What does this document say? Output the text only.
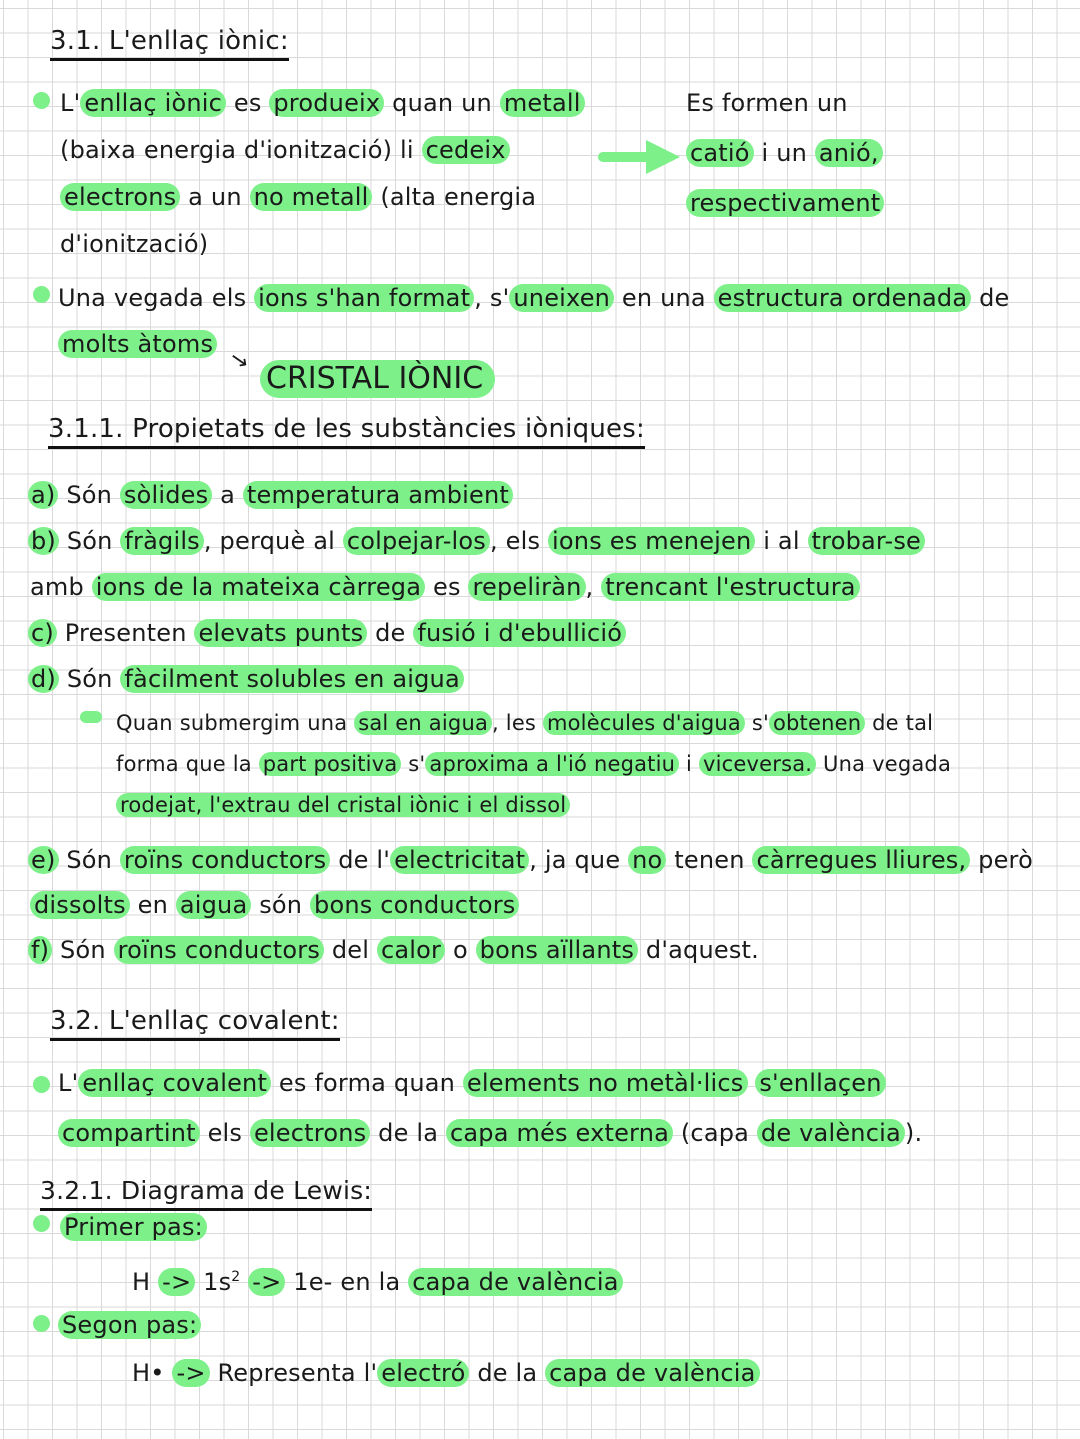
3.1. L'enllaç iònic:
↘
CRISTAL IÒNIC
3.1.1. Propietats de les substàncies iòniques:
3.2. L'enllaç covalent:
3.2.1. Diagrama de Lewis:
Primer pas:
$H -> 1s^2 -> 1e-$ en la capa de valència
Segon pas:
H• -> Representa l' electró de la capa de valència
L' enllaç iònic es produeix quan un metall
(baixa energia d'ionització) li cedeix
electrons a un no metall (alta energia
d'ionització)
Es formen un
catió i un anió,
respectivament
Una vegada els ions s'han format , s' uneixen en una estructura ordenada de
molts àtoms
Quan submergim una sal en aigua , les molècules d'aigua s' obtenen de tal
forma que la part positiva s' aproxima a l'ió negatiu i viceversa. Una vegada
rodejat, l'extrau del cristal iònic i el dissol
L' enllaç covalent es forma quan elements no metàl·lics s'enllaçen
compartint els electrons de la capa més externa (capa de valència ).
a) Són sòlides a temperatura ambient
b) Són fràgils , perquè al colpejar-los , els ions es menejen i al trobar-se
amb ions de la mateixa càrrega es repeliràn , trencant l'estructura
c) Presenten elevats punts de fusió i d'ebullició
d) Són fàcilment solubles en aigua
e) Són roïns conductors de l' electricitat , ja que no tenen càrregues lliures, però
dissolts en aigua són bons conductors
f) Són roïns conductors del calor o bons aïllants d'aquest.
